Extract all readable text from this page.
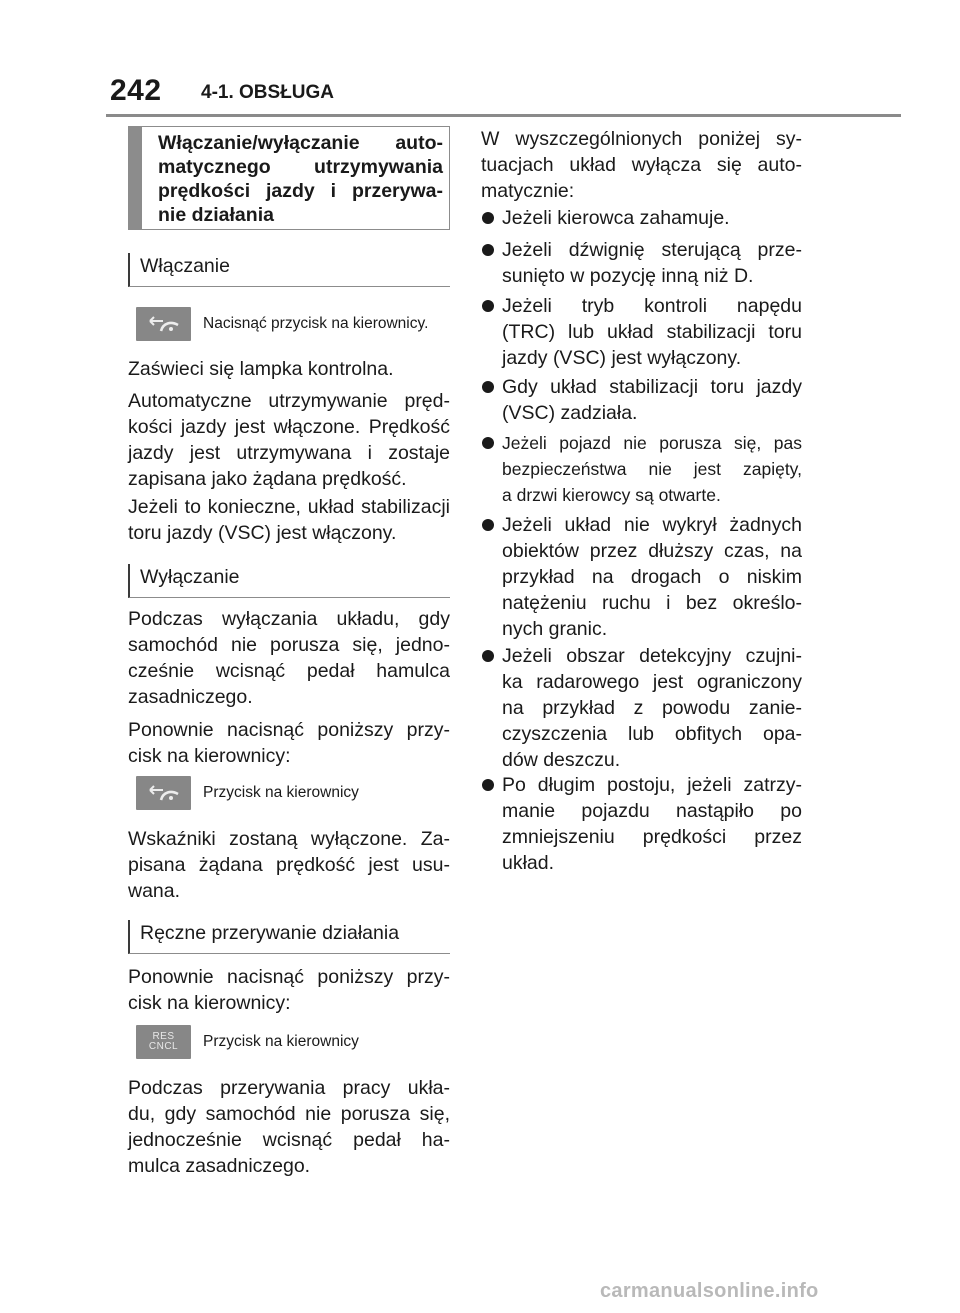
242 4-1. OBSŁUGA
Włączanie/wyłączanie auto-
matycznego utrzymywania
prędkości jazdy i przerywa-
nie działania
Włączanie
Nacisnąć przycisk na kierownicy.
Zaświeci się lampka kontrolna.
Automatyczne utrzymywanie pręd-
kości jazdy jest włączone. Prędkość
jazdy jest utrzymywana i zostaje
zapisana jako żądana prędkość.
Jeżeli to konieczne, układ stabilizacji
toru jazdy (VSC) jest włączony.
Wyłączanie
Podczas wyłączania układu, gdy
samochód nie porusza się, jedno-
cześnie wcisnąć pedał hamulca
zasadniczego.
Ponownie nacisnąć poniższy przy-
cisk na kierownicy:
Przycisk na kierownicy
Wskaźniki zostaną wyłączone. Za-
pisana żądana prędkość jest usu-
wana.
Ręczne przerywanie działania
Ponownie nacisnąć poniższy przy-
cisk na kierownicy:
RES
CNCL Przycisk na kierownicy
Podczas przerywania pracy ukła-
du, gdy samochód nie porusza się,
jednocześnie wcisnąć pedał ha-
mulca zasadniczego.
W wyszczególnionych poniżej sy-
tuacjach układ wyłącza się auto-
matycznie:
Jeżeli kierowca zahamuje.
Jeżeli dźwignię sterującą prze-
sunięto w pozycję inną niż D.
Jeżeli tryb kontroli napędu
(TRC) lub układ stabilizacji toru
jazdy (VSC) jest wyłączony.
Gdy układ stabilizacji toru jazdy
(VSC) zadziała.
Jeżeli pojazd nie porusza się, pas
bezpieczeństwa nie jest zapięty,
a drzwi kierowcy są otwarte.
Jeżeli układ nie wykrył żadnych
obiektów przez dłuższy czas, na
przykład na drogach o niskim
natężeniu ruchu i bez określo-
nych granic.
Jeżeli obszar detekcyjny czujni-
ka radarowego jest ograniczony
na przykład z powodu zanie-
czyszczenia lub obfitych opa-
dów deszczu.
Po długim postoju, jeżeli zatrzy-
manie pojazdu nastąpiło po
zmniejszeniu prędkości przez
układ.
carmanualsonline.info
